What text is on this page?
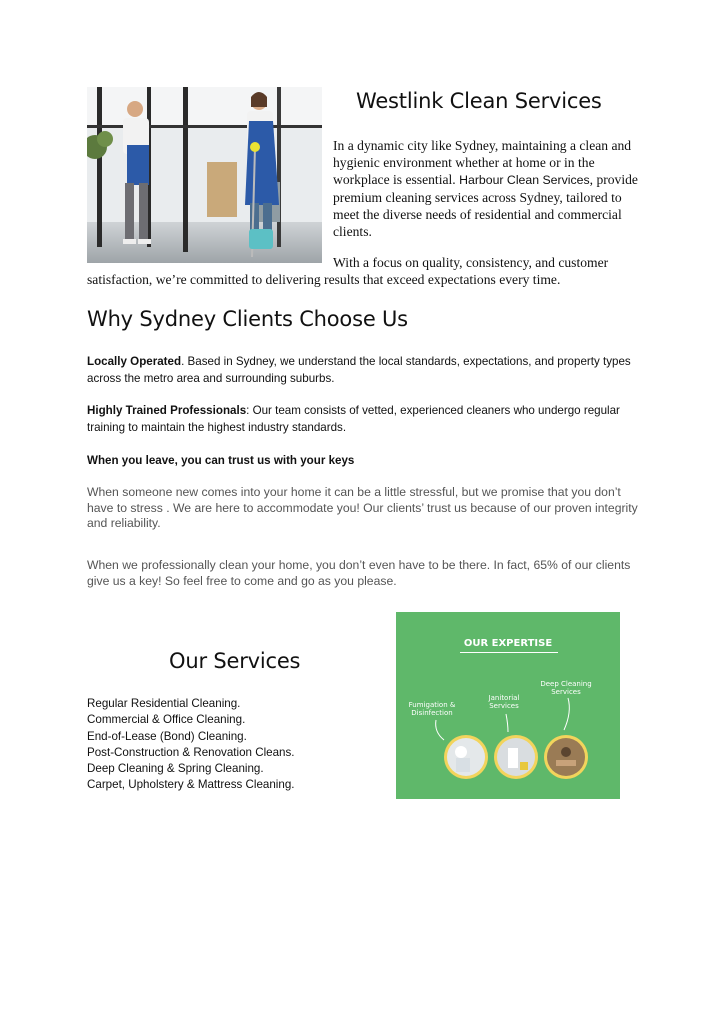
Westlink Clean Services
In a dynamic city like Sydney, maintaining a clean and hygienic environment whether at home or in the workplace is essential. Harbour Clean Services, provide premium cleaning services across Sydney, tailored to meet the diverse needs of residential and commercial clients.
With a focus on quality, consistency, and customer
satisfaction, we’re committed to delivering results that exceed expectations every time.
Why Sydney Clients Choose Us
Locally Operated. Based in Sydney, we understand the local standards, expectations, and property types across the metro area and surrounding suburbs.
Highly Trained Professionals: Our team consists of vetted, experienced cleaners who undergo regular training to maintain the highest industry standards.
When you leave, you can trust us with your keys
When someone new comes into your home it can be a little stressful, but we promise that you don’t have to stress . We are here to accommodate you! Our clients’ trust us because of our proven integrity and reliability.
When we professionally clean your home, you don’t even have to be there. In fact, 65% of our clients give us a key! So feel free to come and go as you please.
Our Services
Regular Residential Cleaning.
Commercial & Office Cleaning.
End-of-Lease (Bond) Cleaning.
Post-Construction & Renovation Cleans.
Deep Cleaning & Spring Cleaning.
Carpet, Upholstery & Mattress Cleaning.
OUR EXPERTISE
Fumigation &
Disinfection
Janitorial
Services
Deep Cleaning
Services
